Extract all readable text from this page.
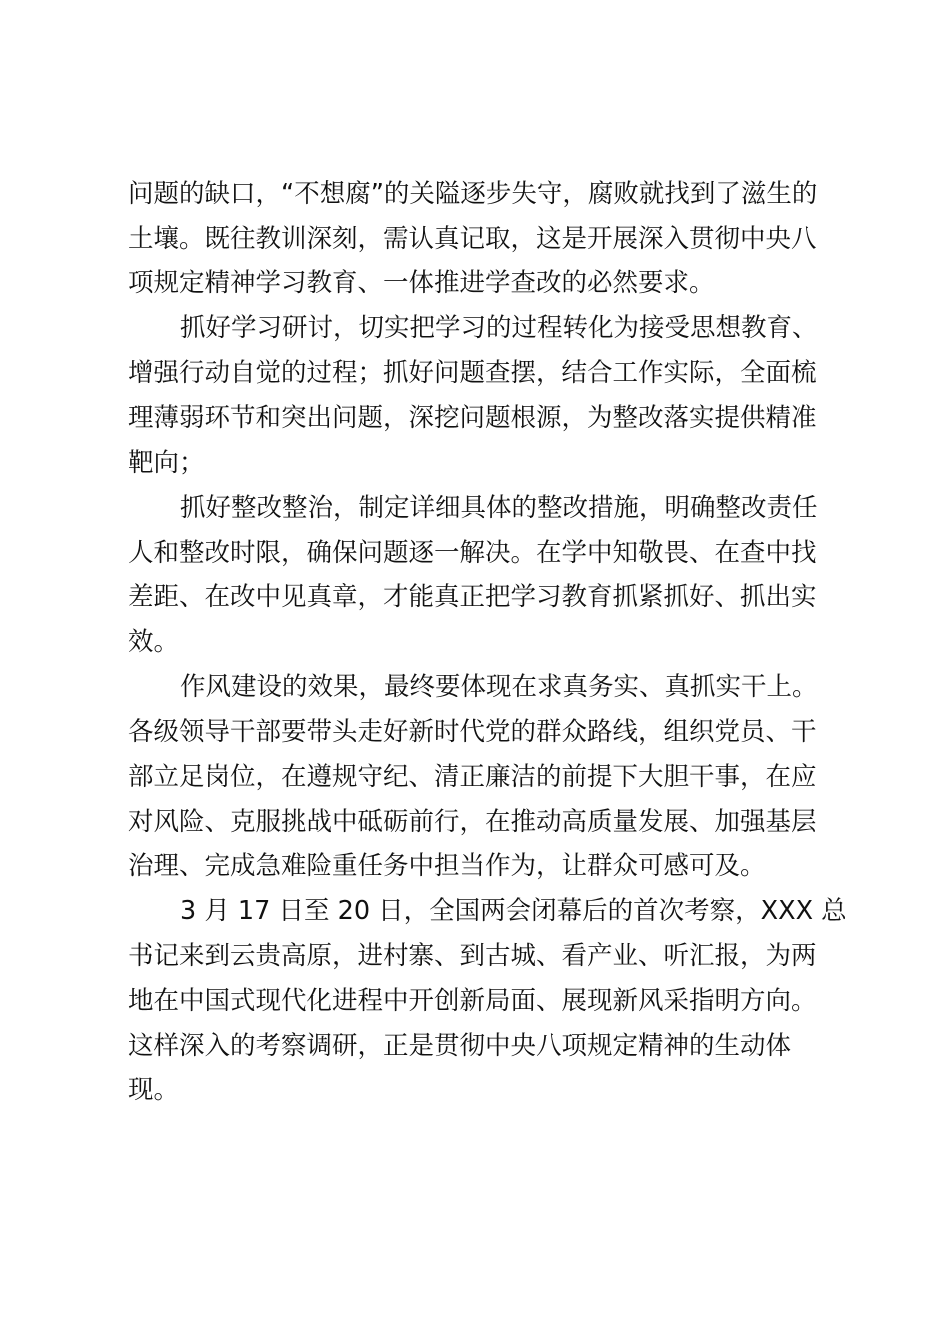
问题的缺口，“不想腐”的关隘逐步失守，腐败就找到了滋生的
土壤。既往教训深刻，需认真记取，这是开展深入贯彻中央八
项规定精神学习教育、一体推进学查改的必然要求。
抓好学习研讨，切实把学习的过程转化为接受思想教育、
增强行动自觉的过程；抓好问题查摆，结合工作实际，全面梳
理薄弱环节和突出问题，深挖问题根源，为整改落实提供精准
靶向；
抓好整改整治，制定详细具体的整改措施，明确整改责任
人和整改时限，确保问题逐一解决。在学中知敬畏、在查中找
差距、在改中见真章，才能真正把学习教育抓紧抓好、抓出实
效。
作风建设的效果，最终要体现在求真务实、真抓实干上。
各级领导干部要带头走好新时代党的群众路线，组织党员、干
部立足岗位，在遵规守纪、清正廉洁的前提下大胆干事，在应
对风险、克服挑战中砥砺前行，在推动高质量发展、加强基层
治理、完成急难险重任务中担当作为，让群众可感可及。
3 月 17 日至 20 日，全国两会闭幕后的首次考察，XXX 总
书记来到云贵高原，进村寨、到古城、看产业、听汇报，为两
地在中国式现代化进程中开创新局面、展现新风采指明方向。
这样深入的考察调研，正是贯彻中央八项规定精神的生动体
现。
